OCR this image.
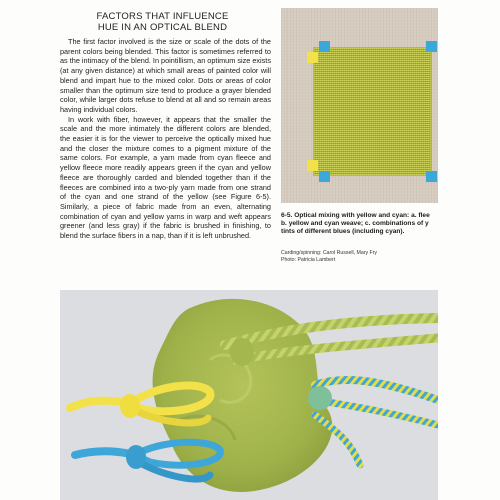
FACTORS THAT INFLUENCE
HUE IN AN OPTICAL BLEND

The first factor involved is the size or scale of the dots of the parent colors being blended. This factor is sometimes referred to as the intimacy of the blend. In pointillism, an optimum size exists (at any given distance) at which small areas of painted color will blend and impart hue to the mixed color. Dots or areas of color smaller than the optimum size tend to produce a grayer blended color, while larger dots refuse to blend at all and so remain areas having individual colors.

In work with fiber, however, it appears that the smaller the scale and the more intimately the different colors are blended, the easier it is for the viewer to perceive the optically mixed hue and the closer the mixture comes to a pigment mixture of the same colors. For example, a yarn made from cyan fleece and yellow fleece more readily appears green if the cyan and yellow fleece are thoroughly carded and blended together than if the fleeces are combined into a two-ply yarn made from one strand of the cyan and one strand of the yellow (see Figure 6-5). Similarly, a piece of fabric made from an even, alternating combination of cyan and yellow yarns in warp and weft appears greener (and less gray) if the fabric is brushed in finishing, to blend the surface fibers in a nap, than if it is left unbrushed.

6-5. Optical mixing with yellow and cyan: a. flee
b. yellow and cyan weave; c. combinations of y
tints of different blues (including cyan).
Carding/spinning: Carol Russell, Mary Fry
Photo: Patricia Lambert
